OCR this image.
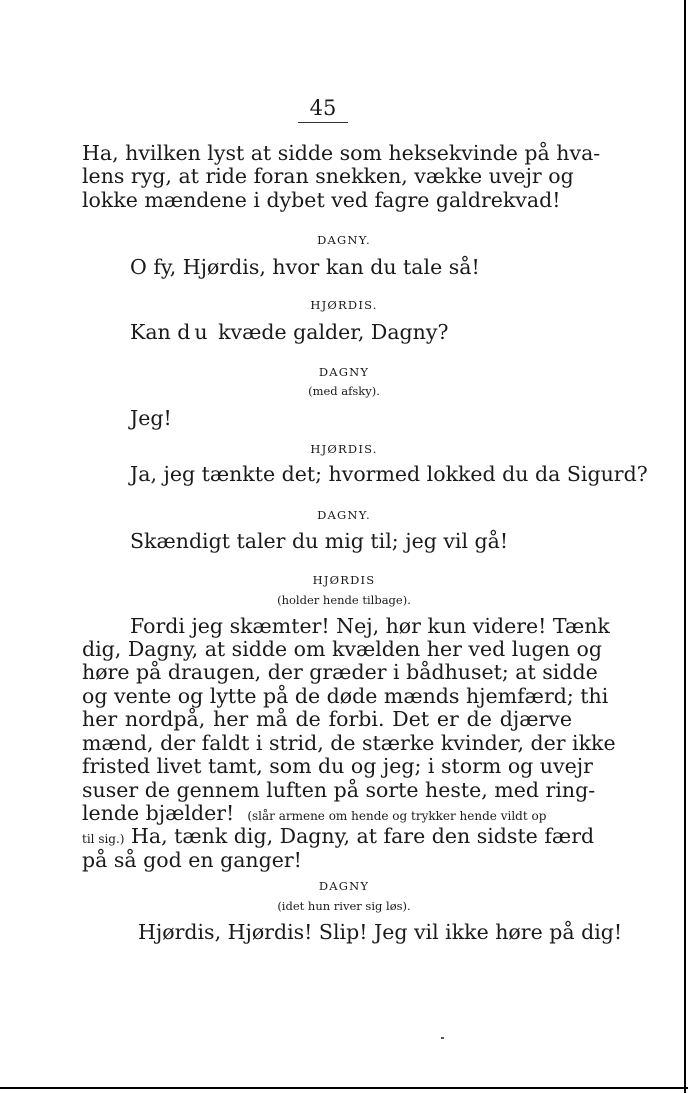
45
Ha, hvilken lyst at sidde som heksekvinde på hva-
lens ryg, at ride foran snekken, vække uvejr og
lokke mændene i dybet ved fagre galdrekvad!
DAGNY.
O fy, Hjørdis, hvor kan du tale så!
HJØRDIS.
Kan du kvæde galder, Dagny?
DAGNY
(med afsky).
Jeg!
HJØRDIS.
Ja, jeg tænkte det; hvormed lokked du da Sigurd?
DAGNY.
Skændigt taler du mig til; jeg vil gå!
HJØRDIS
(holder hende tilbage).
Fordi jeg skæmter! Nej, hør kun videre! Tænk
dig, Dagny, at sidde om kvælden her ved lugen og
høre på draugen, der græder i bådhuset; at sidde
og vente og lytte på de døde mænds hjemfærd; thi
her nordpå, her må de forbi. Det er de djærve
mænd, der faldt i strid, de stærke kvinder, der ikke
fristed livet tamt, som du og jeg; i storm og uvejr
suser de gennem luften på sorte heste, med ring-
lende bjælder! (slår armene om hende og trykker hende vildt op
til sig.) Ha, tænk dig, Dagny, at fare den sidste færd
på så god en ganger!
DAGNY
(idet hun river sig løs).
Hjørdis, Hjørdis! Slip! Jeg vil ikke høre på dig!
